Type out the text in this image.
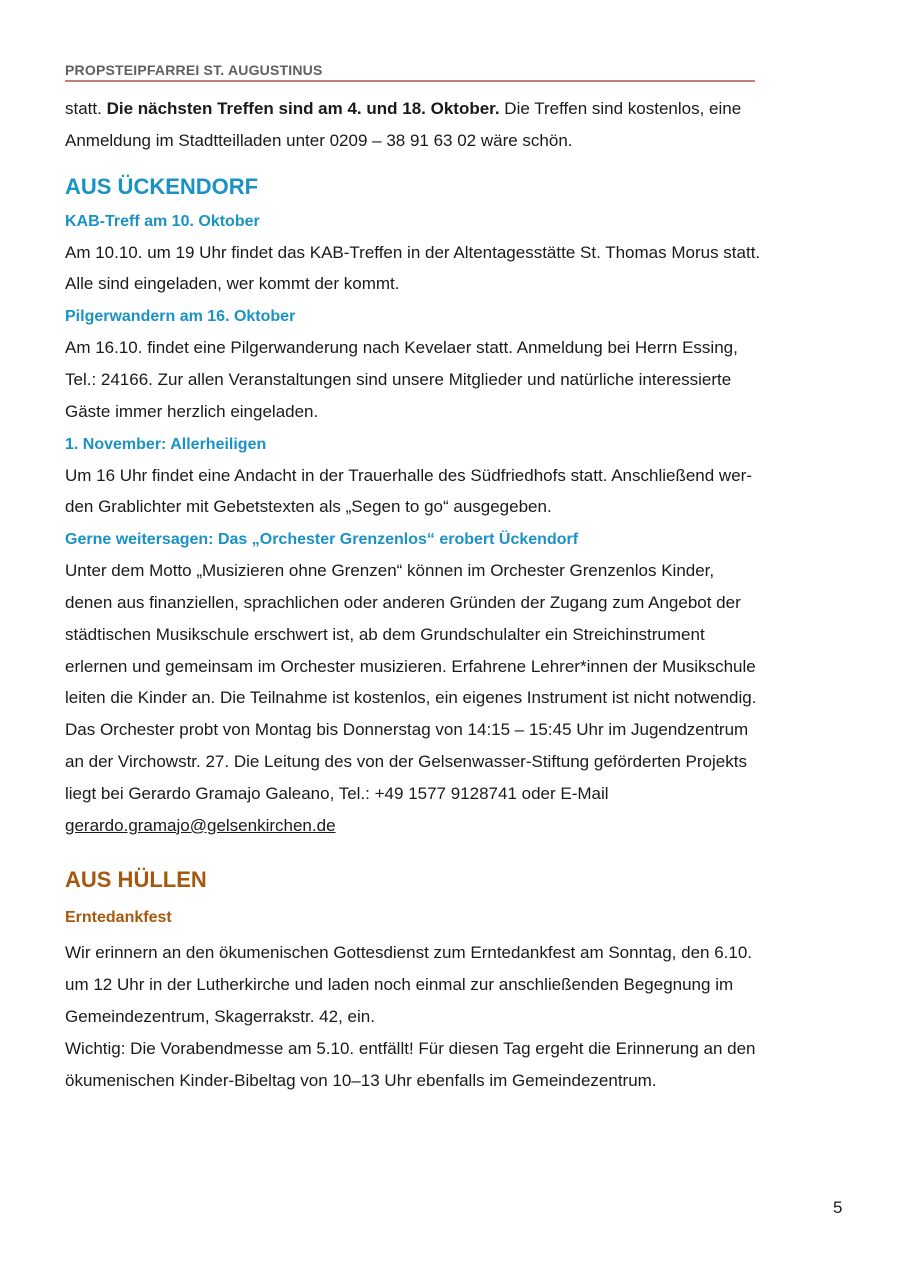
PROPSTEIPFARREI ST. AUGUSTINUS

statt. Die nächsten Treffen sind am 4. und 18. Oktober. Die Treffen sind kostenlos, eine
Anmeldung im Stadtteilladen unter 0209 – 38 91 63 02 wäre schön.

AUS ÜCKENDORF
KAB-Treff am 10. Oktober

Am 10.10. um 19 Uhr findet das KAB-Treffen in der Altentagesstätte St. Thomas Morus statt.
Alle sind eingeladen, wer kommt der kommt.

Pilgerwandern am 16. Oktober

Am 16.10. findet eine Pilgerwanderung nach Kevelaer statt. Anmeldung bei Herrn Essing,
Tel.: 24166. Zur allen Veranstaltungen sind unsere Mitglieder und natürliche interessierte
Gäste immer herzlich eingeladen.

1. November: Allerheiligen

Um 16 Uhr findet eine Andacht in der Trauerhalle des Südfriedhofs statt. Anschließend wer-
den Grablichter mit Gebetstexten als „Segen to go“ ausgegeben.

Gerne weitersagen: Das „Orchester Grenzenlos“ erobert Ückendorf

Unter dem Motto „Musizieren ohne Grenzen“ können im Orchester Grenzenlos Kinder,
denen aus finanziellen, sprachlichen oder anderen Gründen der Zugang zum Angebot der
städtischen Musikschule erschwert ist, ab dem Grundschulalter ein Streichinstrument
erlernen und gemeinsam im Orchester musizieren. Erfahrene Lehrer*innen der Musikschule
leiten die Kinder an. Die Teilnahme ist kostenlos, ein eigenes Instrument ist nicht notwendig.
Das Orchester probt von Montag bis Donnerstag von 14:15 – 15:45 Uhr im Jugendzentrum
an der Virchowstr. 27. Die Leitung des von der Gelsenwasser-Stiftung geförderten Projekts
liegt bei Gerardo Gramajo Galeano, Tel.: +49 1577 9128741 oder E-Mail
gerardo.gramajo@gelsenkirchen.de

AUS HÜLLEN
Erntedankfest

Wir erinnern an den ökumenischen Gottesdienst zum Erntedankfest am Sonntag, den 6.10.
um 12 Uhr in der Lutherkirche und laden noch einmal zur anschließenden Begegnung im
Gemeindezentrum, Skagerrakstr. 42, ein.
Wichtig: Die Vorabendmesse am 5.10. entfällt! Für diesen Tag ergeht die Erinnerung an den
ökumenischen Kinder-Bibeltag von 10–13 Uhr ebenfalls im Gemeindezentrum.

5
